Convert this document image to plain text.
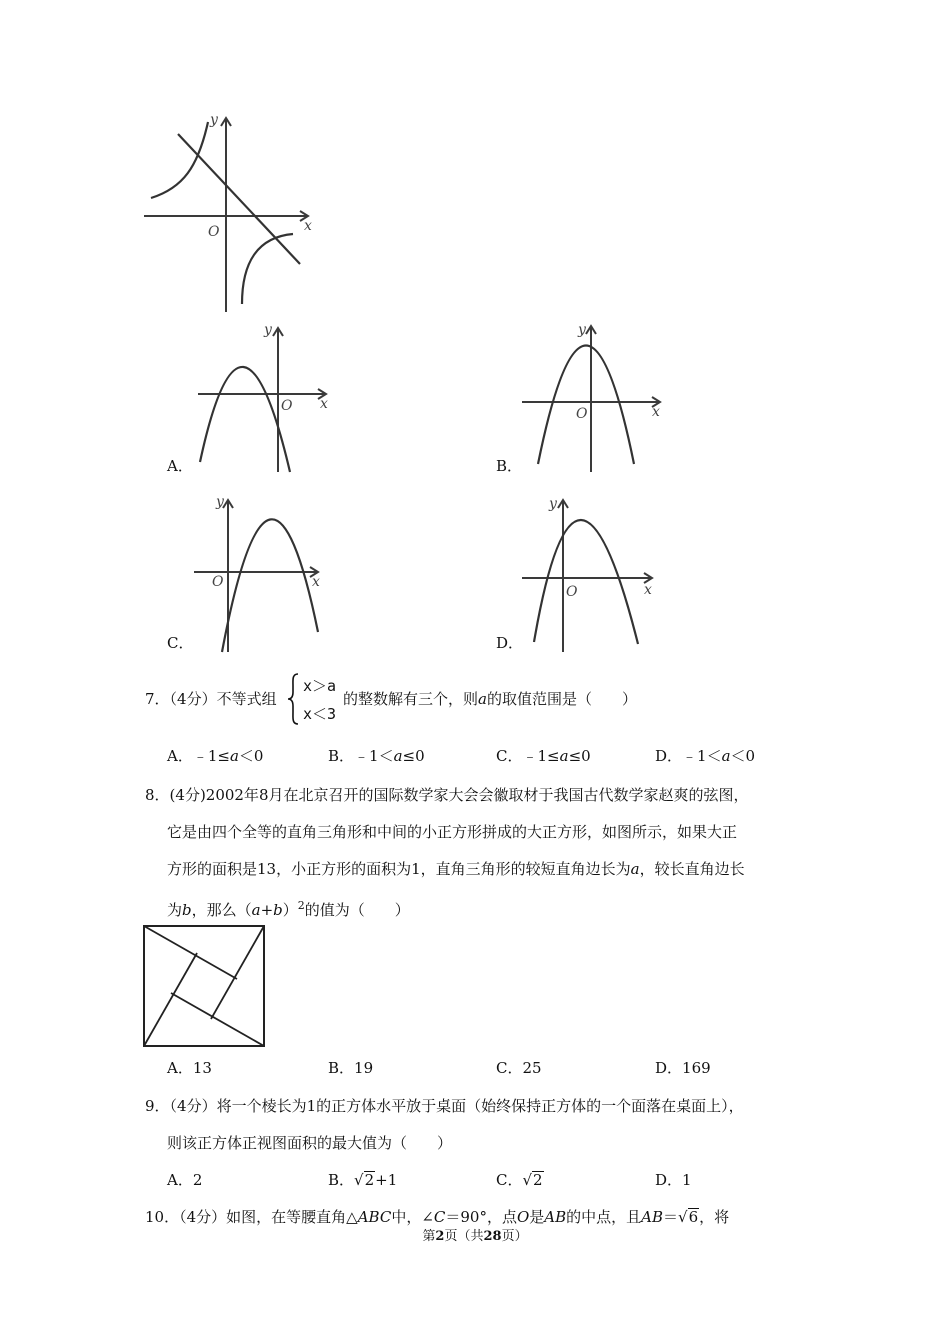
O	x
y
A．
O x
y
B．
O	x
y
C．
O	x
y
D．
O	x
y
7．（4分）不等式组
x＞a
x＜3
的整数解有三个，则a的取值范围是（　　）
A．﹣1≤a＜0	B．﹣1＜a≤0	C．﹣1≤a≤0	D．﹣1＜a＜0
8．(4分)2002年8月在北京召开的国际数学家大会会徽取材于我国古代数学家赵爽的弦图，
它是由四个全等的直角三角形和中间的小正方形拼成的大正方形，如图所示，如果大正
方形的面积是13，小正方形的面积为1，直角三角形的较短直角边长为a，较长直角边长
为b，那么$(a+b)^2$的值为（　　）
A．13	B．19	C．25	D．169
9．（4分）将一个棱长为1的正方体水平放于桌面（始终保持正方体的一个面落在桌面上），
则该正方体正视图面积的最大值为（　　）
A．2	B．√2+1	C．√2	D．1
10．（4分）如图，在等腰直角△ABC中，∠C＝90°，点O是AB的中点，且AB＝√6，将
第2页（共28页）
